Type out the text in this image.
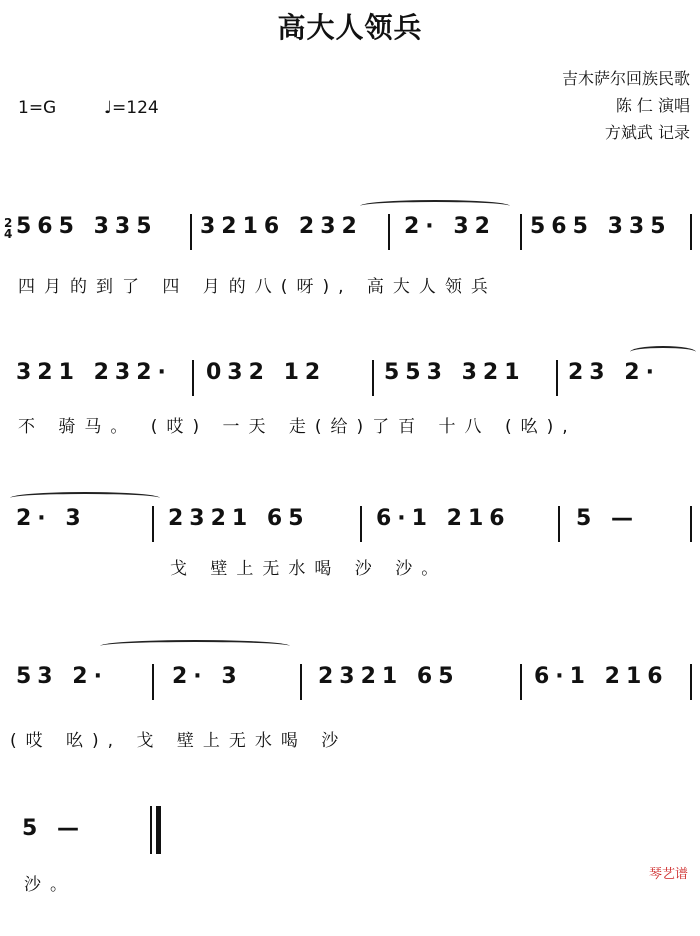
高大人领兵
1=G	♩=124
吉木萨尔回族民歌
陈 仁 演唱
方斌武 记录
2
4 565 335 3216 232 2· 32 565 335
四月的到了 四 月的八(呀), 高大人领兵
321 232· 032 12	553 321 23 2·
不 骑马。 (哎) 一天 走(给)了百 十八 (吆),
2· 3	2321 65	6·1 216	5 —
戈 壁上无水喝 沙 沙。
53 2·	2· 3	2321 65	6·1 216
(哎 吆), 戈 壁上无水喝 沙
5 —
沙。
琴艺谱
